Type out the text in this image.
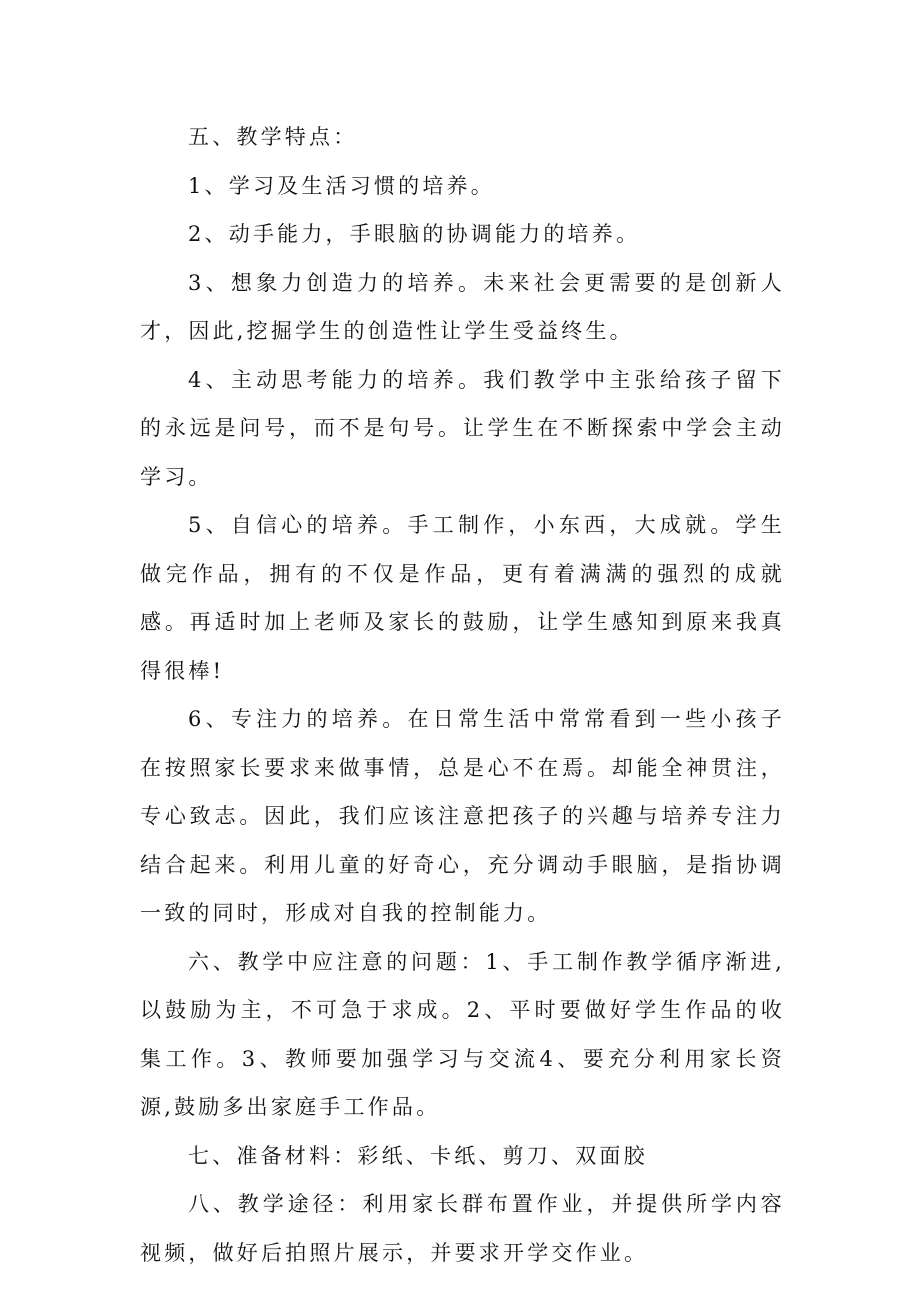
五、教学特点：

1、学习及生活习惯的培养。

2、动手能力，手眼脑的协调能力的培养。

3、想象力创造力的培养。未来社会更需要的是创新人才，因此,挖掘学生的创造性让学生受益终生。

4、主动思考能力的培养。我们教学中主张给孩子留下的永远是问号，而不是句号。让学生在不断探索中学会主动学习。

5、自信心的培养。手工制作，小东西，大成就。学生做完作品，拥有的不仅是作品，更有着满满的强烈的成就感。再适时加上老师及家长的鼓励，让学生感知到原来我真得很棒!

6、专注力的培养。在日常生活中常常看到一些小孩子在按照家长要求来做事情，总是心不在焉。却能全神贯注，专心致志。因此，我们应该注意把孩子的兴趣与培养专注力结合起来。利用儿童的好奇心，充分调动手眼脑，是指协调一致的同时，形成对自我的控制能力。

六、教学中应注意的问题：1、手工制作教学循序渐进,以鼓励为主，不可急于求成。2、平时要做好学生作品的收集工作。3、教师要加强学习与交流4、要充分利用家长资源,鼓励多出家庭手工作品。

七、准备材料：彩纸、卡纸、剪刀、双面胶

八、教学途径：利用家长群布置作业，并提供所学内容视频，做好后拍照片展示，并要求开学交作业。
